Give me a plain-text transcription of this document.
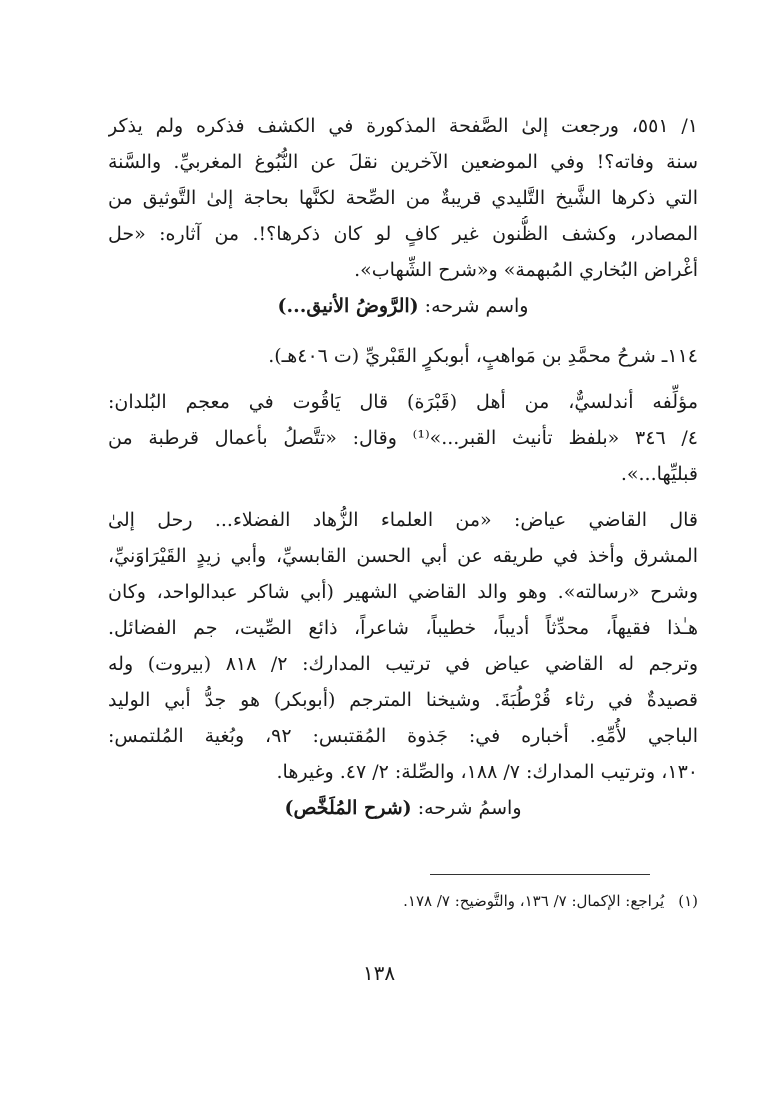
١/ ٥٥١، ورجعت إلىٰ الصَّفحة المذكورة في الكشف فذكره ولم يذكر
سنة وفاته؟! وفي الموضعين الآخرين نقلَ عن النُّبُوغ المغربيِّ. والسَّنة
التي ذكرها الشَّيخ التَّليدي قريبةٌ من الصِّحة لكنَّها بحاجة إلىٰ التَّوثيق من
المصادر، وكشف الظُّنون غير كافٍ لو كان ذكرها؟!. من آثاره: «حل
أغْراض البُخاري المُبهمة» و«شرح الشِّهاب».
واسم شرحه: (الرَّوضُ الأنيق...)
١١٤ـ شرحُ محمَّدِ بن مَواهبٍ، أبوبكرٍ القَبْريِّ (ت ٤٠٦هـ).
مؤلِّفه أندلسيٌّ، من أهل (قَبْرَة) قال يَاقُوت في معجم البُلدان:
٤/ ٣٤٦ «بلفظ تأنيث القبر...»⁽¹⁾ وقال: «تتَّصلُ بأعمال قرطبة من
قبليِّها...».
قال القاضي عياض: «من العلماء الزُّهاد الفضلاء... رحل إلىٰ
المشرق وأخذ في طريقه عن أبي الحسن القابسيِّ، وأبي زيدٍ القَيْرَاوَنيِّ،
وشرح «رسالته». وهو والد القاضي الشهير (أبي شاكر عبدالواحد، وكان
هـٰذا فقيهاً، محدِّثاً أديباً، خطيباً، شاعراً، ذائع الصِّيت، جم الفضائل.
وترجم له القاضي عياض في ترتيب المدارك: ٢/ ٨١٨ (بيروت) وله
قصيدةٌ في رثاء قُرْطُبَةَ. وشيخنا المترجم (أبوبكر) هو جدُّ أبي الوليد
الباجي لأُمِّهِ. أخباره في: جَذوة المُقتبس: ٩٢، وبُغية المُلتمس:
١٣٠، وترتيب المدارك: ٧/ ١٨٨، والصِّلة: ٢/ ٤٧. وغيرها.
واسمُ شرحه: (شرح المُلَخَّص)
(١)يُراجع: الإكمال: ٧/ ١٣٦، والتَّوضيح: ٧/ ١٧٨.
١٣٨
